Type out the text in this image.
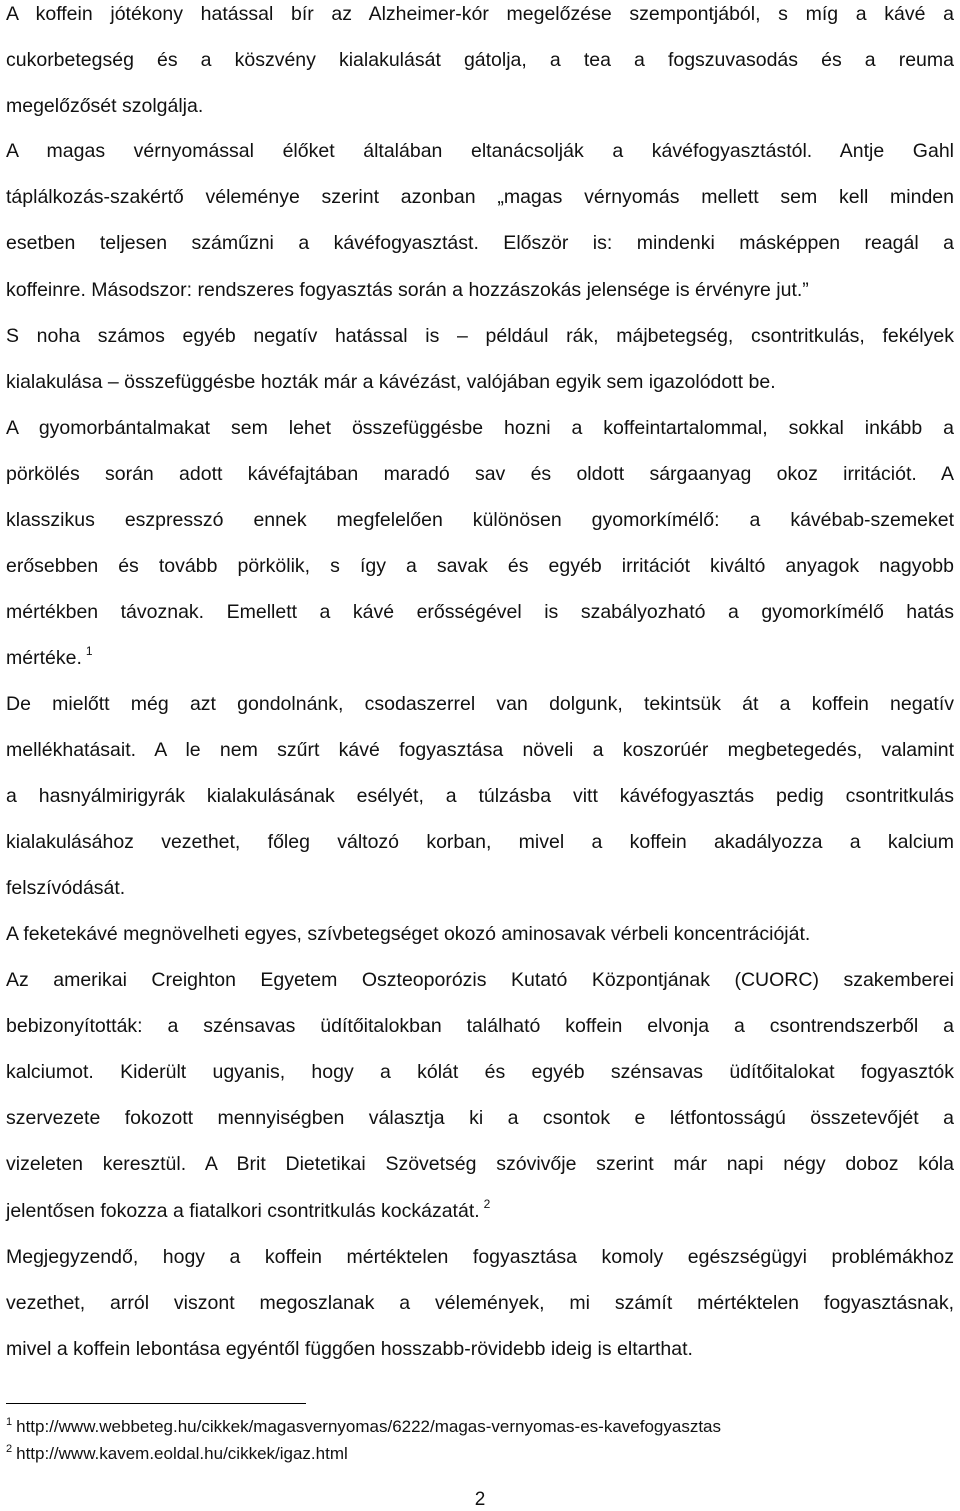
A koffein jótékony hatással bír az Alzheimer-kór megelőzése szempontjából, s míg a kávé a
cukorbetegség és a köszvény kialakulását gátolja, a tea a fogszuvasodás és a reuma
megelőzősét szolgálja.
A magas vérnyomással élőket általában eltanácsolják a kávéfogyasztástól. Antje Gahl
táplálkozás-szakértő véleménye szerint azonban „magas vérnyomás mellett sem kell minden
esetben teljesen száműzni a kávéfogyasztást. Először is: mindenki másképpen reagál a
koffeinre. Másodszor: rendszeres fogyasztás során a hozzászokás jelensége is érvényre jut.”
S noha számos egyéb negatív hatással is – például rák, májbetegség, csontritkulás, fekélyek
kialakulása – összefüggésbe hozták már a kávézást, valójában egyik sem igazolódott be.
A gyomorbántalmakat sem lehet összefüggésbe hozni a koffeintartalommal, sokkal inkább a
pörkölés során adott kávéfajtában maradó sav és oldott sárgaanyag okoz irritációt. A
klasszikus eszpresszó ennek megfelelően különösen gyomorkímélő: a kávébab-szemeket
erősebben és tovább pörkölik, s így a savak és egyéb irritációt kiváltó anyagok nagyobb
mértékben távoznak. Emellett a kávé erősségével is szabályozható a gyomorkímélő hatás
mértéke. $^1$
De mielőtt még azt gondolnánk, csodaszerrel van dolgunk, tekintsük át a koffein negatív
mellékhatásait. A le nem szűrt kávé fogyasztása növeli a koszorúér megbetegedés, valamint
a hasnyálmirigyrák kialakulásának esélyét, a túlzásba vitt kávéfogyasztás pedig csontritkulás
kialakulásához vezethet, főleg változó korban, mivel a koffein akadályozza a kalcium
felszívódását.
A feketekávé megnövelheti egyes, szívbetegséget okozó aminosavak vérbeli koncentrációját.
Az amerikai Creighton Egyetem Oszteoporózis Kutató Központjának (CUORC) szakemberei
bebizonyították: a szénsavas üdítőitalokban található koffein elvonja a csontrendszerből a
kalciumot. Kiderült ugyanis, hogy a kólát és egyéb szénsavas üdítőitalokat fogyasztók
szervezete fokozott mennyiségben választja ki a csontok e létfontosságú összetevőjét a
vizeleten keresztül. A Brit Dietetikai Szövetség szóvivője szerint már napi négy doboz kóla
jelentősen fokozza a fiatalkori csontritkulás kockázatát. $^2$
Megjegyzendő, hogy a koffein mértéktelen fogyasztása komoly egészségügyi problémákhoz
vezethet, arról viszont megoszlanak a vélemények, mi számít mértéktelen fogyasztásnak,
mivel a koffein lebontása egyéntől függően hosszabb-rövidebb ideig is eltarthat.
$^1$ http://www.webbeteg.hu/cikkek/magasvernyomas/6222/magas-vernyomas-es-kavefogyasztas
$^2$ http://www.kavem.eoldal.hu/cikkek/igaz.html
2
